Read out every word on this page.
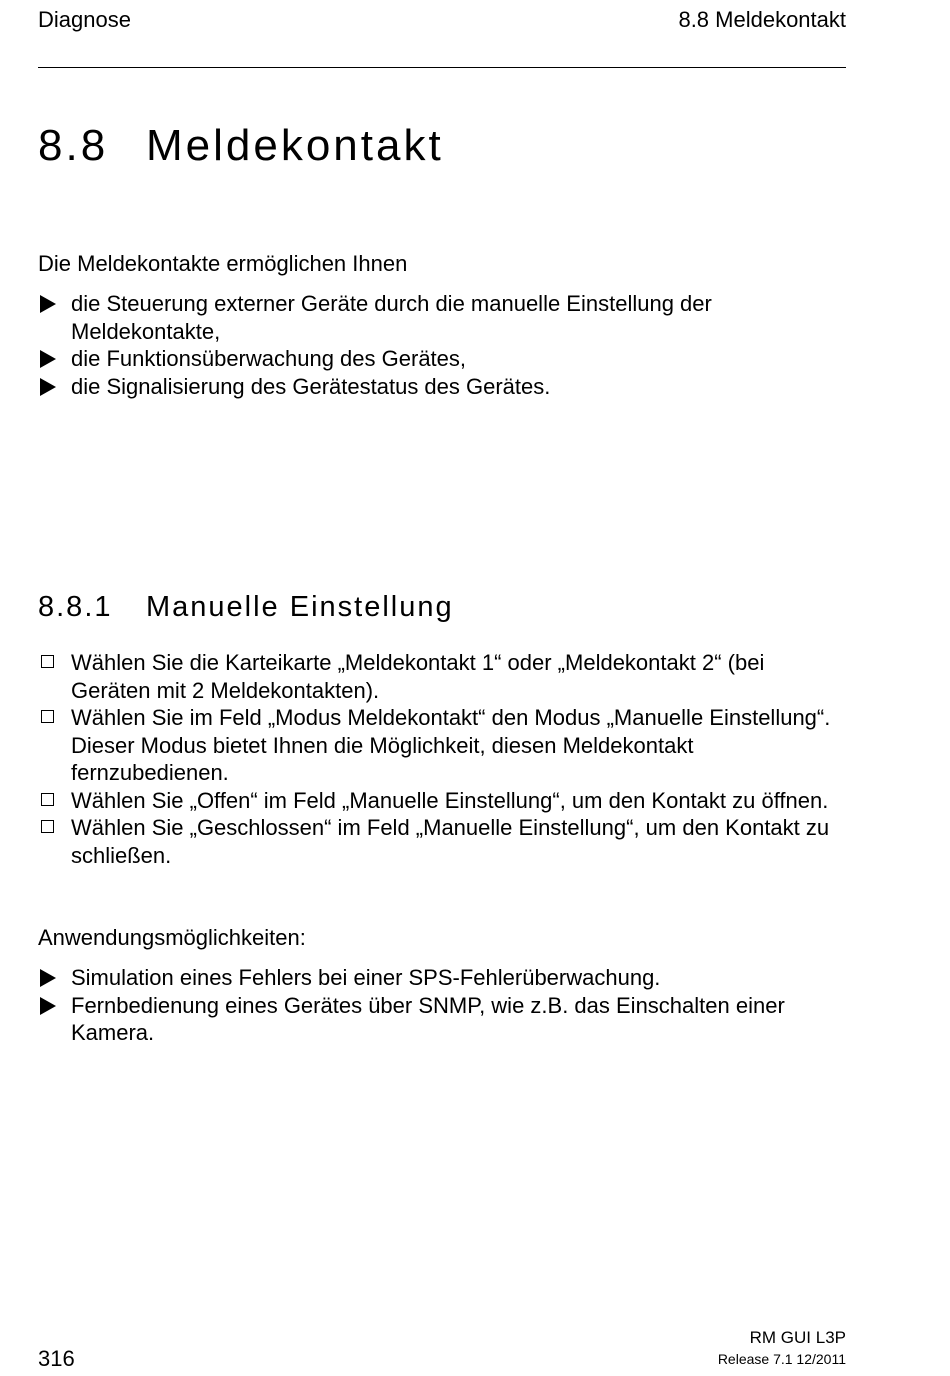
Diagnose	8.8 Meldekontakt
8.8 Meldekontakt
Die Meldekontakte ermöglichen Ihnen
die Steuerung externer Geräte durch die manuelle Einstellung der Meldekontakte,
die Funktionsüberwachung des Gerätes,
die Signalisierung des Gerätestatus des Gerätes.
8.8.1 Manuelle Einstellung
Wählen Sie die Karteikarte „Meldekontakt 1“ oder „Meldekontakt 2“ (bei Geräten mit 2 Meldekontakten).
Wählen Sie im Feld „Modus Meldekontakt“ den Modus „Manuelle Einstellung“. Dieser Modus bietet Ihnen die Möglichkeit, diesen Meldekontakt fernzubedienen.
Wählen Sie „Offen“ im Feld „Manuelle Einstellung“, um den Kontakt zu öffnen.
Wählen Sie „Geschlossen“ im Feld „Manuelle Einstellung“, um den Kontakt zu schließen.
Anwendungsmöglichkeiten:
Simulation eines Fehlers bei einer SPS-Fehlerüberwachung.
Fernbedienung eines Gerätes über SNMP, wie z.B. das Einschalten einer Kamera.
316
RM GUI L3P
Release 7.1 12/2011
